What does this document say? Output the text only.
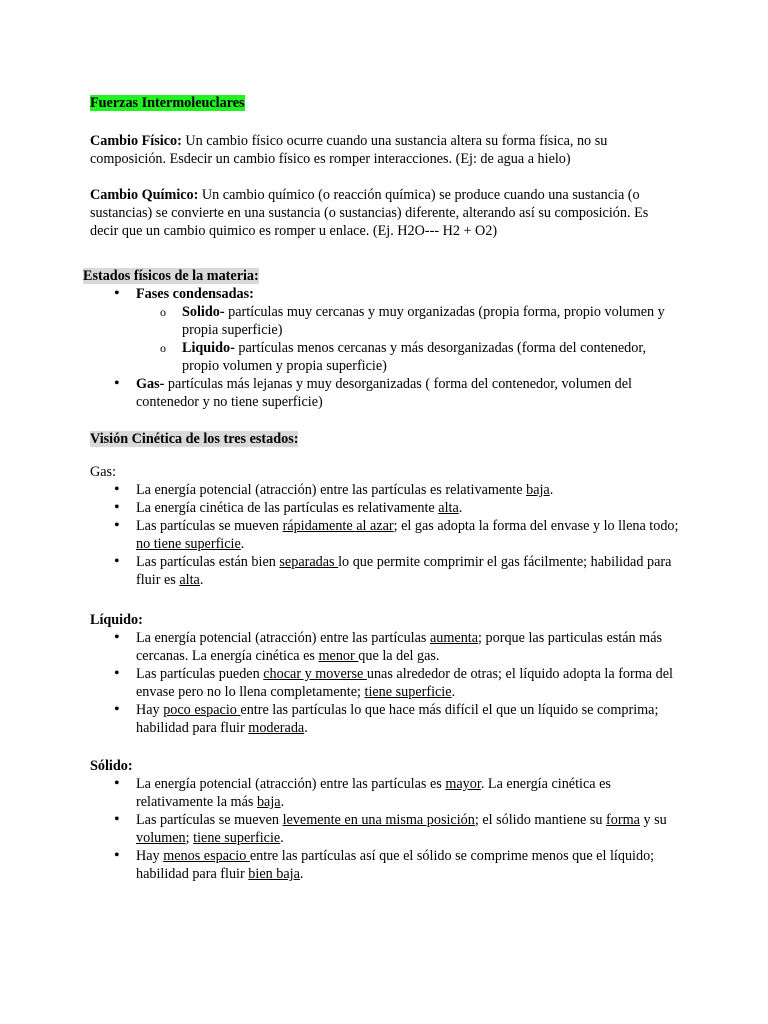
Fuerzas Intermoleuclares

Cambio Físico: Un cambio físico ocurre cuando una sustancia altera su forma física, no su composición. Esdecir un cambio físico es romper interacciones. (Ej: de agua a hielo)

Cambio Químico: Un cambio químico (o reacción química) se produce cuando una sustancia (o sustancias) se convierte en una sustancia (o sustancias) diferente, alterando así su composición. Es decir que un cambio quimico es romper u enlace. (Ej. H2O--- H2 + O2)

Estados físicos de la materia:

• Fases condensadas:
o Solido- partículas muy cercanas y muy organizadas (propia forma, propio volumen y propia superficie)
o Liquido- partículas menos cercanas y más desorganizadas (forma del contenedor, propio volumen y propia superficie)
• Gas- partículas más lejanas y muy desorganizadas ( forma del contenedor, volumen del contenedor y no tiene superficie)
Visión Cinética de los tres estados:

Gas:

• La energía potencial (atracción) entre las partículas es relativamente baja.
• La energía cinética de las partículas es relativamente alta.
• Las partículas se mueven rápidamente al azar; el gas adopta la forma del envase y lo llena todo; no tiene superficie.
• Las partículas están bien separadas lo que permite comprimir el gas fácilmente; habilidad para fluir es alta.

Líquido:

• La energía potencial (atracción) entre las partículas aumenta; porque las particulas están más cercanas. La energía cinética es menor que la del gas.
• Las partículas pueden chocar y moverse unas alrededor de otras; el líquido adopta la forma del envase pero no lo llena completamente; tiene superficie.
• Hay poco espacio entre las partículas lo que hace más difícil el que un líquido se comprima; habilidad para fluir moderada.

Sólido:

• La energía potencial (atracción) entre las partículas es mayor. La energía cinética es relativamente la más baja.
• Las partículas se mueven levemente en una misma posición; el sólido mantiene su forma y su volumen; tiene superficie.
• Hay menos espacio entre las partículas así que el sólido se comprime menos que el líquido; habilidad para fluir bien baja.
